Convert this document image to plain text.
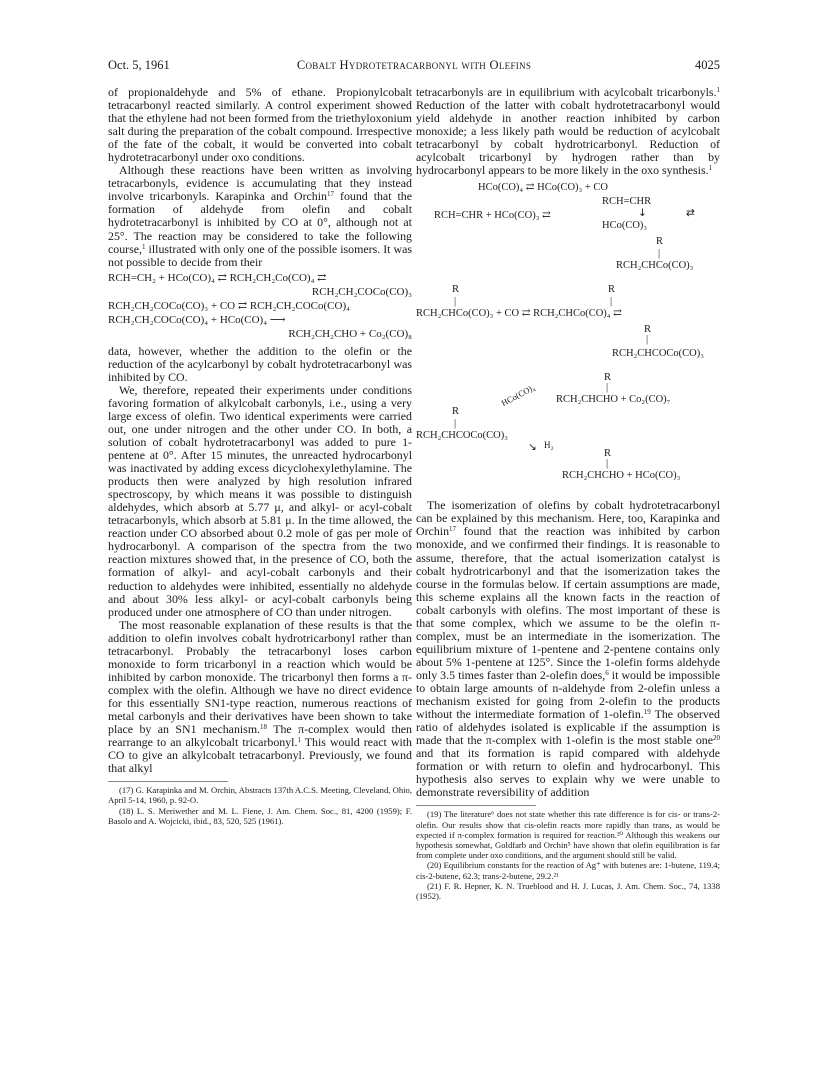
Oct. 5, 1961	Cobalt Hydrotetracarbonyl with Olefins	4025

of propionaldehyde and 5% of ethane. Propionylcobalt tetracarbonyl reacted similarly. A control experiment showed that the ethylene had not been formed from the triethyloxonium salt during the preparation of the cobalt compound. Irrespective of the fate of the cobalt, it would be converted into cobalt hydrotetracarbonyl under oxo conditions.

Although these reactions have been written as involving tetracarbonyls, evidence is accumulating that they instead involve tricarbonyls. Karapinka and Orchin$^{17}$ found that the formation of aldehyde from olefin and cobalt hydrotetracarbonyl is inhibited by CO at 0°, although not at 25°. The reaction may be considered to take the following course,$^1$ illustrated with only one of the possible isomers. It was not possible to decide from their

RCH=CH₂ + HCo(CO)₄ ⇄ RCH₂CH₂Co(CO)₄ ⇄
RCH₂CH₂COCo(CO)₃
RCH₂CH₂COCo(CO)₃ + CO ⇄ RCH₂CH₂COCo(CO)₄
RCH₂CH₂COCo(CO)₄ + HCo(CO)₄ ⟶
RCH₂CH₂CHO + Co₂(CO)₈

data, however, whether the addition to the olefin or the reduction of the acylcarbonyl by cobalt hydrotetracarbonyl was inhibited by CO.

We, therefore, repeated their experiments under conditions favoring formation of alkylcobalt carbonyls, i.e., using a very large excess of olefin. Two identical experiments were carried out, one under nitrogen and the other under CO. In both, a solution of cobalt hydrotetracarbonyl was added to pure 1-pentene at 0°. After 15 minutes, the unreacted hydrocarbonyl was inactivated by adding excess dicyclohexylethylamine. The products then were analyzed by high resolution infrared spectroscopy, by which means it was possible to distinguish aldehydes, which absorb at 5.77 μ, and alkyl- or acyl-cobalt tetracarbonyls, which absorb at 5.81 μ. In the time allowed, the reaction under CO absorbed about 0.2 mole of gas per mole of hydrocarbonyl. A comparison of the spectra from the two reaction mixtures showed that, in the presence of CO, both the formation of alkyl- and acyl-cobalt carbonyls and their reduction to aldehydes were inhibited, essentially no aldehyde and about 30% less alkyl- or acyl-cobalt carbonyls being produced under one atmosphere of CO than under nitrogen.

The most reasonable explanation of these results is that the addition to olefin involves cobalt hydrotricarbonyl rather than tetracarbonyl. Probably the tetracarbonyl loses carbon monoxide to form tricarbonyl in a reaction which would be inhibited by carbon monoxide. The tricarbonyl then forms a π-complex with the olefin. Although we have no direct evidence for this essentially SN1-type reaction, numerous reactions of metal carbonyls and their derivatives have been shown to take place by an SN1 mechanism.$^{18}$ The π-complex would then rearrange to an alkylcobalt tricarbonyl.$^1$ This would react with CO to give an alkylcobalt tetracarbonyl. Previously, we found that alkyl

(17) G. Karapinka and M. Orchin, Abstracts 137th A.C.S. Meeting, Cleveland, Ohio, April 5-14, 1960, p. 92-O.

(18) L. S. Meriwether and M. L. Fiene, J. Am. Chem. Soc., 81, 4200 (1959); F. Basolo and A. Wojcicki, ibid., 83, 520, 525 (1961).

tetracarbonyls are in equilibrium with acylcobalt tricarbonyls.$^1$ Reduction of the latter with cobalt hydrotetracarbonyl would yield aldehyde in another reaction inhibited by carbon monoxide; a less likely path would be reduction of acylcobalt tetracarbonyl by cobalt hydrotricarbonyl. Reduction of acylcobalt tricarbonyl by hydrogen rather than by hydrocarbonyl appears to be more likely in the oxo synthesis.$^1$

HCo(CO)₄ ⇄ HCo(CO)₃ + CO
RCH=CHR
↓
RCH=CHR + HCo(CO)₃ ⇄
HCo(CO)₃
⇄
R
|
RCH₂CHCo(CO)₃
R	R
|	|
RCH₂CHCo(CO)₃ + CO ⇄ RCH₂CHCo(CO)₄ ⇄
R
|
RCH₂CHCOCo(CO)₃
R
|
RCH₂CHCHO + Co₂(CO)₇
HCo(CO)₄
R
|
RCH₂CHCOCo(CO)₃
↘ H₂
R
|
RCH₂CHCHO + HCo(CO)₃

The isomerization of olefins by cobalt hydrotetracarbonyl can be explained by this mechanism. Here, too, Karapinka and Orchin$^{17}$ found that the reaction was inhibited by carbon monoxide, and we confirmed their findings. It is reasonable to assume, therefore, that the actual isomerization catalyst is cobalt hydrotricarbonyl and that the isomerization takes the course in the formulas below. If certain assumptions are made, this scheme explains all the known facts in the reaction of cobalt carbonyls with olefins. The most important of these is that some complex, which we assume to be the olefin π-complex, must be an intermediate in the isomerization. The equilibrium mixture of 1-pentene and 2-pentene contains only about 5% 1-pentene at 125°. Since the 1-olefin forms aldehyde only 3.5 times faster than 2-olefin does,$^6$ it would be impossible to obtain large amounts of n-aldehyde from 2-olefin unless a mechanism existed for going from 2-olefin to the products without the intermediate formation of 1-olefin.$^{19}$ The observed ratio of aldehydes isolated is explicable if the assumption is made that the π-complex with 1-olefin is the most stable one$^{20}$ and that its formation is rapid compared with aldehyde formation or with return to olefin and hydrocarbonyl. This hypothesis also serves to explain why we were unable to demonstrate reversibility of addition

(19) The literature⁶ does not state whether this rate difference is for cis- or trans-2-olefin. Our results show that cis-olefin reacts more rapidly than trans, as would be expected if π-complex formation is required for reaction.²⁰ Although this weakens our hypothesis somewhat, Goldfarb and Orchin⁵ have shown that olefin equilibration is far from complete under oxo conditions, and the argument should still be valid.

(20) Equilibrium constants for the reaction of Ag⁺ with butenes are: 1-butene, 119.4; cis-2-butene, 62.3; trans-2-butene, 29.2.²¹

(21) F. R. Hepner, K. N. Trueblood and H. J. Lucas, J. Am. Chem. Soc., 74, 1338 (1952).
